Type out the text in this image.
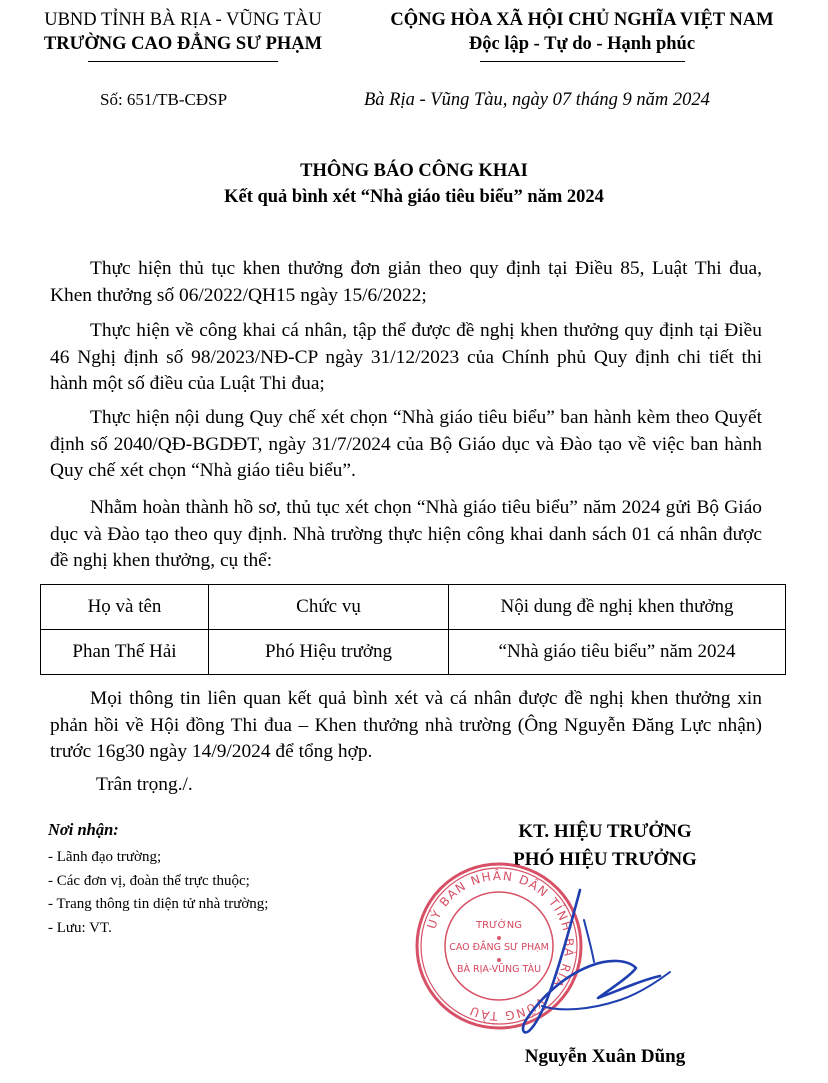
UBND TỈNH BÀ RỊA - VŨNG TÀU
TRƯỜNG CAO ĐẲNG SƯ PHẠM
CỘNG HÒA XÃ HỘI CHỦ NGHĨA VIỆT NAM
Độc lập - Tự do - Hạnh phúc
Số: 651/TB-CĐSP	Bà Rịa - Vũng Tàu, ngày 07 tháng 9 năm 2024
THÔNG BÁO CÔNG KHAI
Kết quả bình xét “Nhà giáo tiêu biểu” năm 2024
Thực hiện thủ tục khen thưởng đơn giản theo quy định tại Điều 85, Luật Thi đua, Khen thưởng số 06/2022/QH15 ngày 15/6/2022;
Thực hiện về công khai cá nhân, tập thể được đề nghị khen thưởng quy định tại Điều 46 Nghị định số 98/2023/NĐ-CP ngày 31/12/2023 của Chính phủ Quy định chi tiết thi hành một số điều của Luật Thi đua;
Thực hiện nội dung Quy chế xét chọn “Nhà giáo tiêu biểu” ban hành kèm theo Quyết định số 2040/QĐ-BGDĐT, ngày 31/7/2024 của Bộ Giáo dục và Đào tạo về việc ban hành Quy chế xét chọn “Nhà giáo tiêu biểu”.
Nhằm hoàn thành hồ sơ, thủ tục xét chọn “Nhà giáo tiêu biểu” năm 2024 gửi Bộ Giáo dục và Đào tạo theo quy định. Nhà trường thực hiện công khai danh sách 01 cá nhân được đề nghị khen thưởng, cụ thể:
Họ và tên	Chức vụ	Nội dung đề nghị khen thưởng
Phan Thế Hải	Phó Hiệu trưởng	“Nhà giáo tiêu biểu” năm 2024
Mọi thông tin liên quan kết quả bình xét và cá nhân được đề nghị khen thưởng xin phản hồi về Hội đồng Thi đua – Khen thưởng nhà trường (Ông Nguyễn Đăng Lực nhận) trước 16g30 ngày 14/9/2024 để tổng hợp.
Trân trọng./.
Nơi nhận:
- Lãnh đạo trường;
- Các đơn vị, đoàn thể trực thuộc;
- Trang thông tin diện tử nhà trường;
- Lưu: VT.
KT. HIỆU TRƯỞNG
PHÓ HIỆU TRƯỞNG
UỶ BAN NHÂN DÂN TỈNH BÀ RỊA - VŨNG TÀU
TRƯỜNG
CAO ĐẲNG SƯ PHẠM
BÀ RỊA-VŨNG TÀU
Nguyễn Xuân Dũng
